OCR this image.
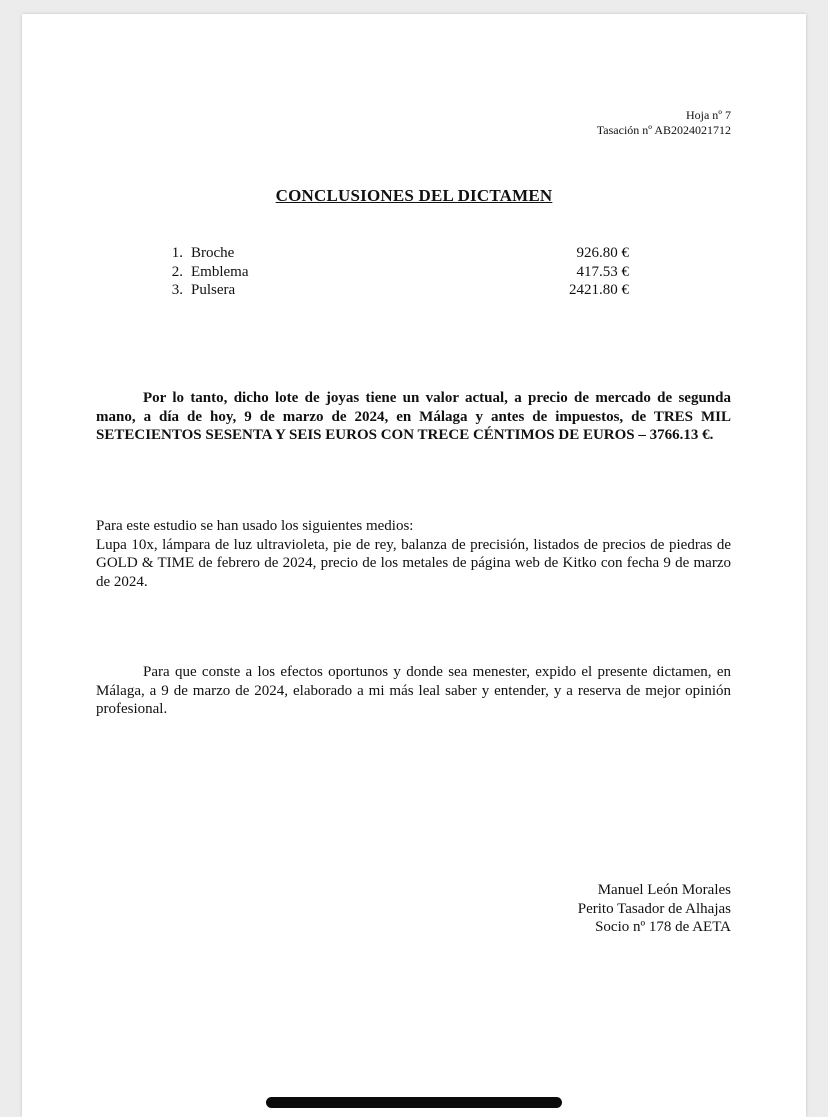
Hoja nº 7
Tasación nº AB2024021712
CONCLUSIONES DEL DICTAMEN
1. Broche	926.80 €
2. Emblema	417.53 €
3. Pulsera	2421.80 €

Por lo tanto, dicho lote de joyas tiene un valor actual, a precio de mercado de segunda mano, a día de hoy, 9 de marzo de 2024, en Málaga y antes de impuestos, de TRES MIL SETECIENTOS SESENTA Y SEIS EUROS CON TRECE CÉNTIMOS DE EUROS – 3766.13 €.

Para este estudio se han usado los siguientes medios:
Lupa 10x, lámpara de luz ultravioleta, pie de rey, balanza de precisión, listados de precios de piedras de GOLD & TIME de febrero de 2024, precio de los metales de página web de Kitko con fecha 9 de marzo de 2024.

Para que conste a los efectos oportunos y donde sea menester, expido el presente dictamen, en Málaga, a 9 de marzo de 2024, elaborado a mi más leal saber y entender, y a reserva de mejor opinión profesional.

Manuel León Morales
Perito Tasador de Alhajas
Socio nº 178 de AETA
